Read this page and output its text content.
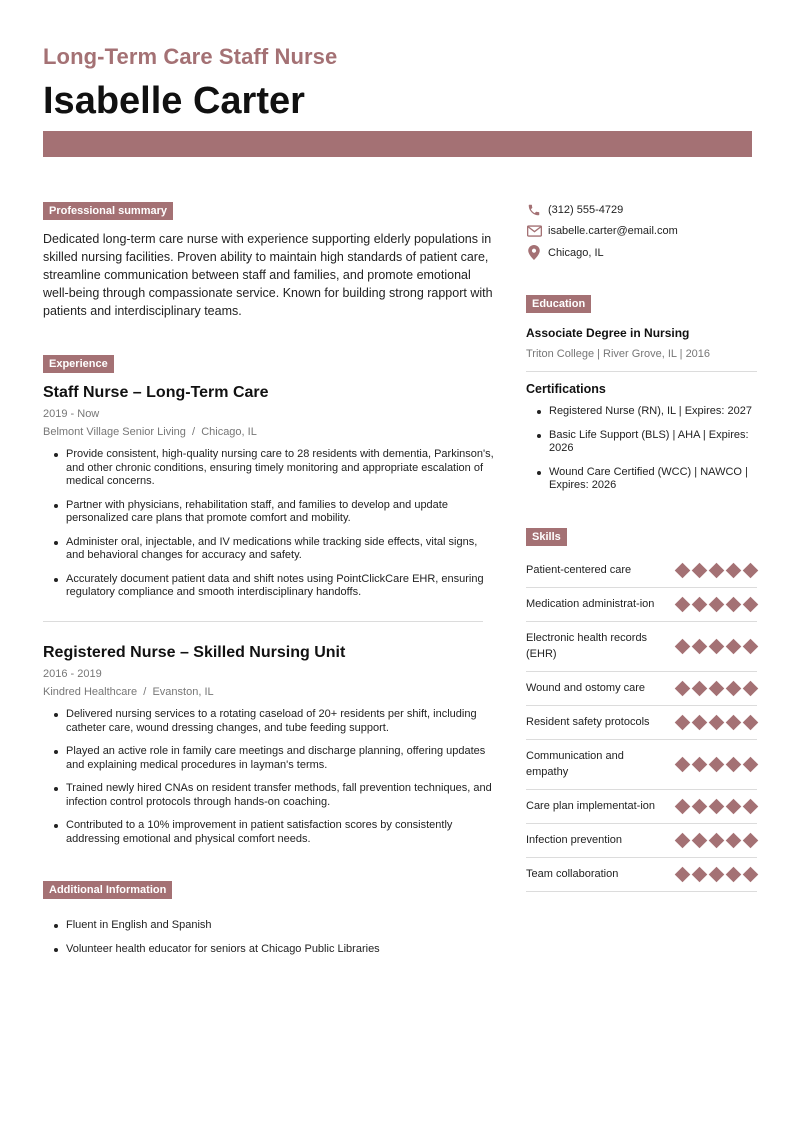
Long-Term Care Staff Nurse
Isabelle Carter
Professional summary

Dedicated long-term care nurse with experience supporting elderly populations in skilled nursing facilities. Proven ability to maintain high standards of patient care, streamline communication between staff and families, and promote emotional well-being through compassionate service. Known for building strong rapport with patients and interdisciplinary teams.

Experience
Staff Nurse – Long-Term Care
2019 - Now
Belmont Village Senior Living  /  Chicago, IL
Provide consistent, high-quality nursing care to 28 residents with dementia, Parkinson's, and other chronic conditions, ensuring timely monitoring and appropriate escalation of medical concerns.
Partner with physicians, rehabilitation staff, and families to develop and update personalized care plans that promote comfort and mobility.
Administer oral, injectable, and IV medications while tracking side effects, vital signs, and behavioral changes for accuracy and safety.
Accurately document patient data and shift notes using PointClickCare EHR, ensuring regulatory compliance and smooth interdisciplinary handoffs.
Registered Nurse – Skilled Nursing Unit
2016 - 2019
Kindred Healthcare  /  Evanston, IL
Delivered nursing services to a rotating caseload of 20+ residents per shift, including catheter care, wound dressing changes, and tube feeding support.
Played an active role in family care meetings and discharge planning, offering updates and explaining medical procedures in layman's terms.
Trained newly hired CNAs on resident transfer methods, fall prevention techniques, and infection control protocols through hands-on coaching.
Contributed to a 10% improvement in patient satisfaction scores by consistently addressing emotional and physical comfort needs.
Additional Information
Fluent in English and Spanish
Volunteer health educator for seniors at Chicago Public Libraries
(312) 555-4729
isabelle.carter@email.com
Chicago, IL
Education
Associate Degree in Nursing
Triton College | River Grove, IL | 2016
Certifications
Registered Nurse (RN), IL | Expires: 2027
Basic Life Support (BLS) | AHA | Expires: 2026
Wound Care Certified (WCC) | NAWCO | Expires: 2026
Skills
Patient-centered care
Medication administrat-ion
Electronic health records (EHR)
Wound and ostomy care
Resident safety protocols
Communication and empathy
Care plan implementat-ion
Infection prevention
Team collaboration
